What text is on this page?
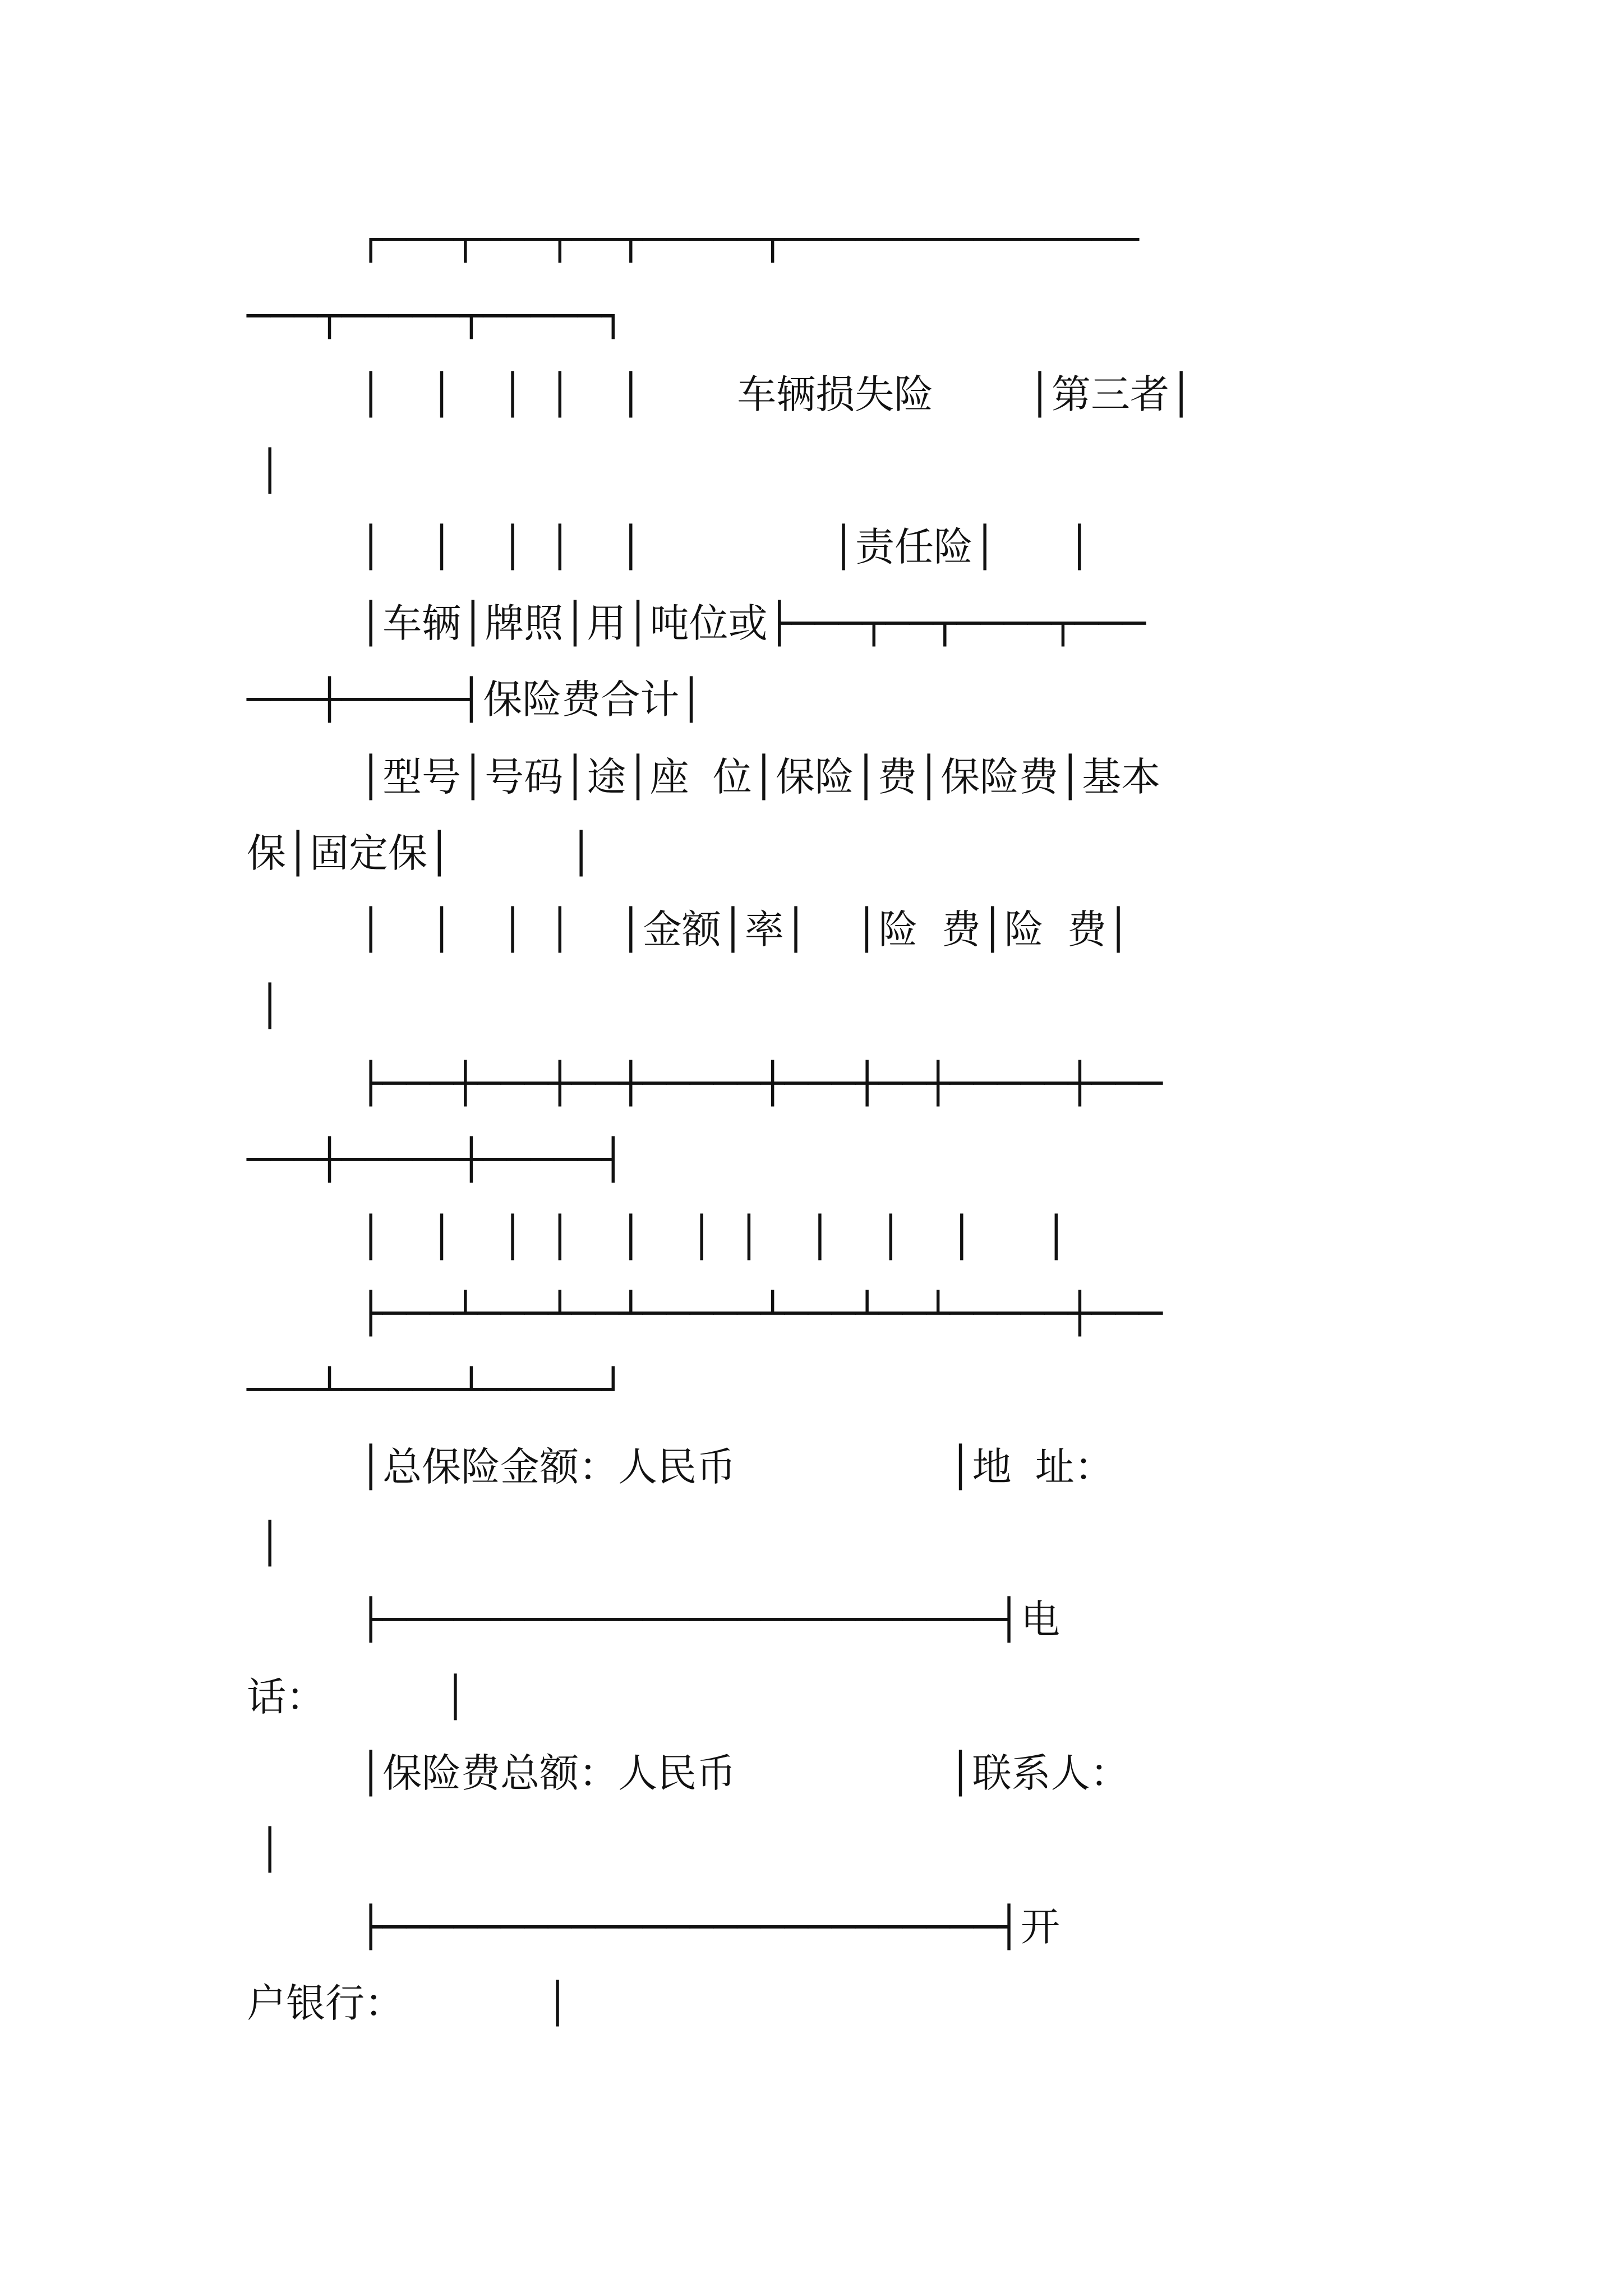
┌───┬───┬──┬─────┬───────────────
───┬─────┬─────┐
│  │  │ │  │    车辆损失险    │第三者│
│
│  │  │ │  │        │责任险│   │
│车辆│牌照│用│吨位或├───┬──┬────┬───
───┼─────┤保险费合计│
│型号│号码│途│座 位│保险│费│保险费│基本
保│固定保│     │
│  │  │ │  │金额│率│  │险 费│险 费│
│
├───┼───┼──┼─────┼───┼──┼─────┼───
───┼─────┼─────┤
│  │  │ │  │  │ │  │  │  │   │
├───┴───┴──┴─────┴───┴──┴─────┼───
───┴─────┴─────┘
│总保险金额：人民币         │地 址：
│
├──────────────────────────┤电
话：     │
│保险费总额：人民币         │联系人：
│
├──────────────────────────┤开
户银行：      │
